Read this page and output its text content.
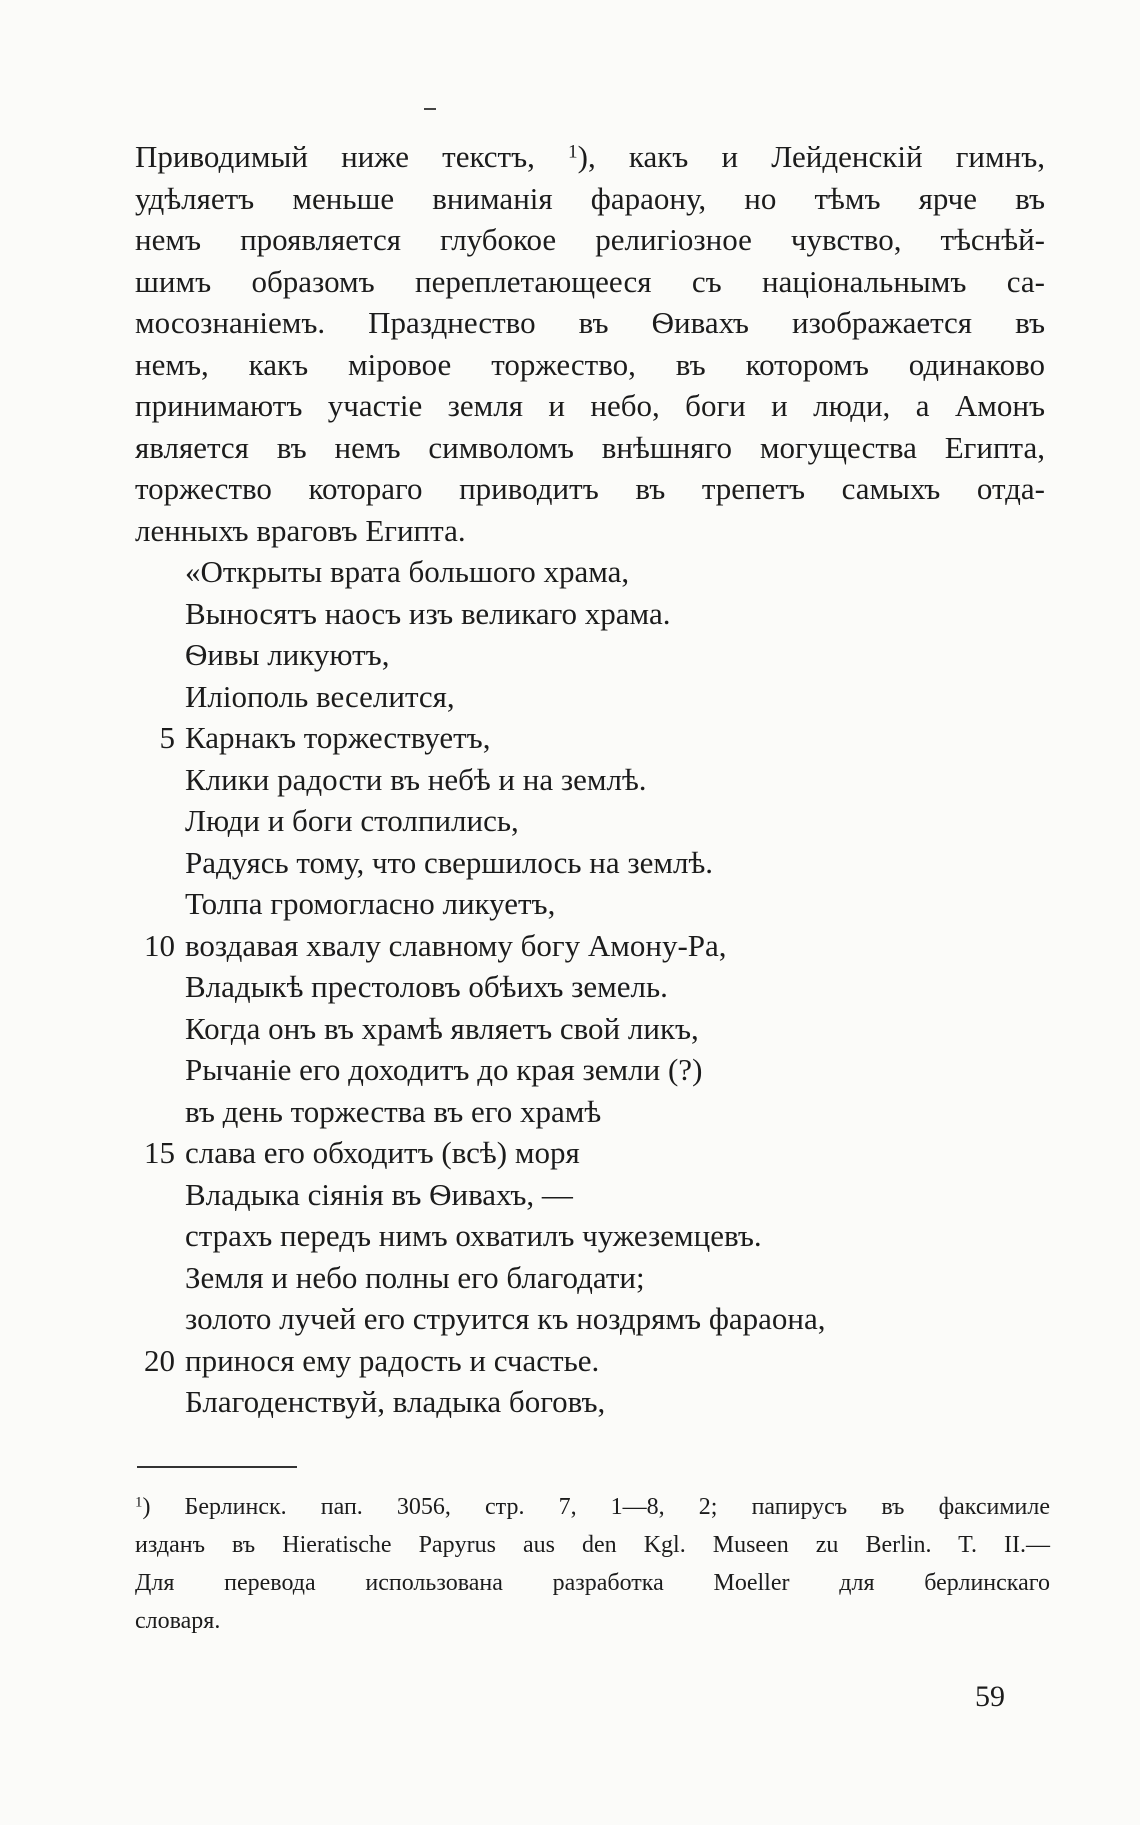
Приводимый ниже текстъ, $^1$), какъ и Лейденскій гимнъ,
удѣляетъ меньше вниманія фараону, но тѣмъ ярче въ
немъ проявляется глубокое религіозное чувство, тѣснѣй-
шимъ образомъ переплетающееся съ національнымъ са-
мосознаніемъ. Празднество въ Ѳивахъ изображается въ
немъ, какъ міровое торжество, въ которомъ одинаково
принимаютъ участіе земля и небо, боги и люди, а Амонъ
является въ немъ символомъ внѣшняго могущества Египта,
торжество котораго приводитъ въ трепетъ самыхъ отда-
ленныхъ враговъ Египта.
«Открыты врата большого храма,
Выносятъ наосъ изъ великаго храма.
Ѳивы ликуютъ,
Иліополь веселится,
5 Карнакъ торжествуетъ,
Клики радости въ небѣ и на землѣ.
Люди и боги столпились,
Радуясь тому, что свершилось на землѣ.
Толпа громогласно ликуетъ,
10 воздавая хвалу славному богу Амону-Ра,
Владыкѣ престоловъ обѣихъ земель.
Когда онъ въ храмѣ являетъ свой ликъ,
Рычаніе его доходитъ до края земли (?)
въ день торжества въ его храмѣ
15 слава его обходитъ (всѣ) моря
Владыка сіянія въ Ѳивахъ, —
страхъ передъ нимъ охватилъ чужеземцевъ.
Земля и небо полны его благодати;
золото лучей его струится къ ноздрямъ фараона,
20 принося ему радость и счастье.
Благоденствуй, владыка боговъ,
$^1$) Берлинск. пап. 3056, стр. 7, 1—8, 2; папирусъ въ факсимиле
изданъ въ Hieratische Papyrus aus den Kgl. Museen zu Berlin. T. II.—
Для перевода использована разработка Moeller для берлинскаго
словаря.
59
